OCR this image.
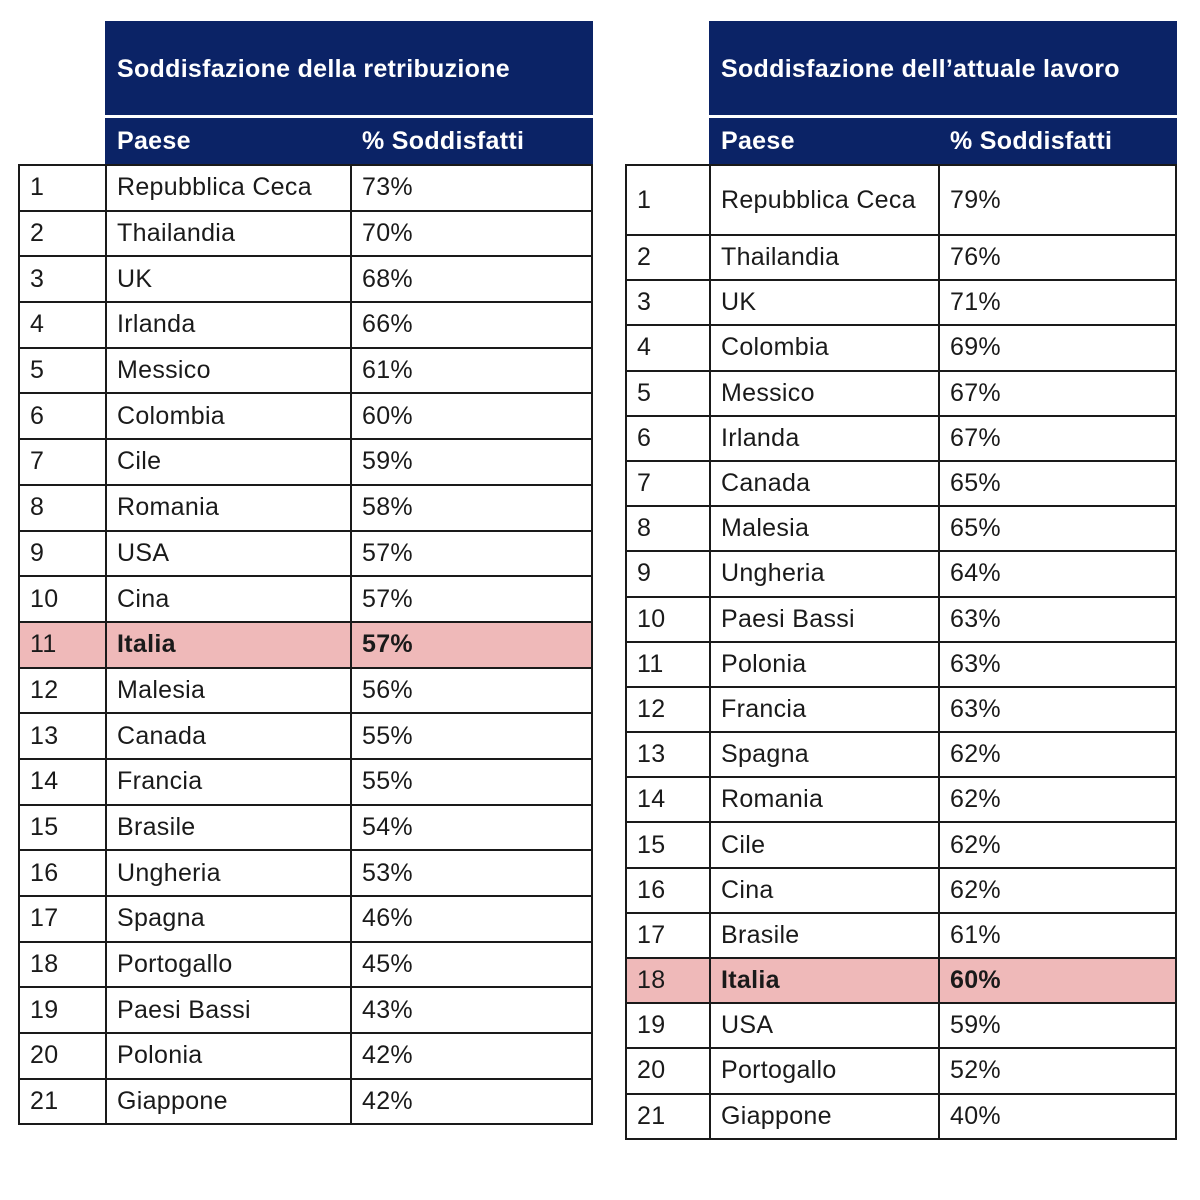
	Soddisfazione della retribuzione	
	Paese	% Soddisfatti
1	Repubblica Ceca	73%
2	Thailandia	70%
3	UK	68%
4	Irlanda	66%
5	Messico	61%
6	Colombia	60%
7	Cile	59%
8	Romania	58%
9	USA	57%
10	Cina	57%
11	Italia	57%
12	Malesia	56%
13	Canada	55%
14	Francia	55%
15	Brasile	54%
16	Ungheria	53%
17	Spagna	46%
18	Portogallo	45%
19	Paesi Bassi	43%
20	Polonia	42%
21	Giappone	42%
	Soddisfazione dell’attuale lavoro	
	Paese	% Soddisfatti
1	Repubblica Ceca	79%
2	Thailandia	76%
3	UK	71%
4	Colombia	69%
5	Messico	67%
6	Irlanda	67%
7	Canada	65%
8	Malesia	65%
9	Ungheria	64%
10	Paesi Bassi	63%
11	Polonia	63%
12	Francia	63%
13	Spagna	62%
14	Romania	62%
15	Cile	62%
16	Cina	62%
17	Brasile	61%
18	Italia	60%
19	USA	59%
20	Portogallo	52%
21	Giappone	40%
